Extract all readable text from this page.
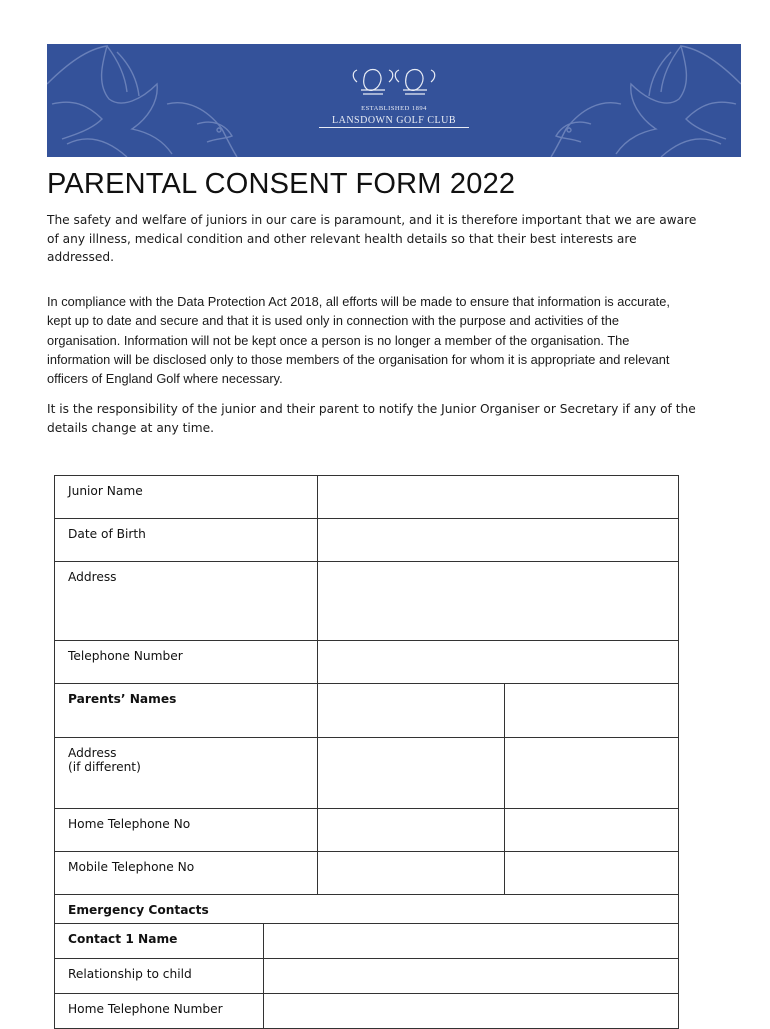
ESTABLISHED 1894
LANSDOWN GOLF CLUB
PARENTAL CONSENT FORM 2022

The safety and welfare of juniors in our care is paramount, and it is therefore important that we are aware of any illness, medical condition and other relevant health details so that their best interests are addressed.

In compliance with the Data Protection Act 2018, all efforts will be made to ensure that information is accurate, kept up to date and secure and that it is used only in connection with the purpose and activities of the organisation. Information will not be kept once a person is no longer a member of the organisation. The information will be disclosed only to those members of the organisation for whom it is appropriate and relevant officers of England Golf where necessary.

It is the responsibility of the junior and their parent to notify the Junior Organiser or Secretary if any of the details change at any time.

Junior Name			
Date of Birth			
Address			
Telephone Number			
Parents’ Names			

Address
(if different)			

Home Telephone No			
Mobile Telephone No			
Emergency Contacts			
Contact 1 Name			
Relationship to child			
Home Telephone Number			
